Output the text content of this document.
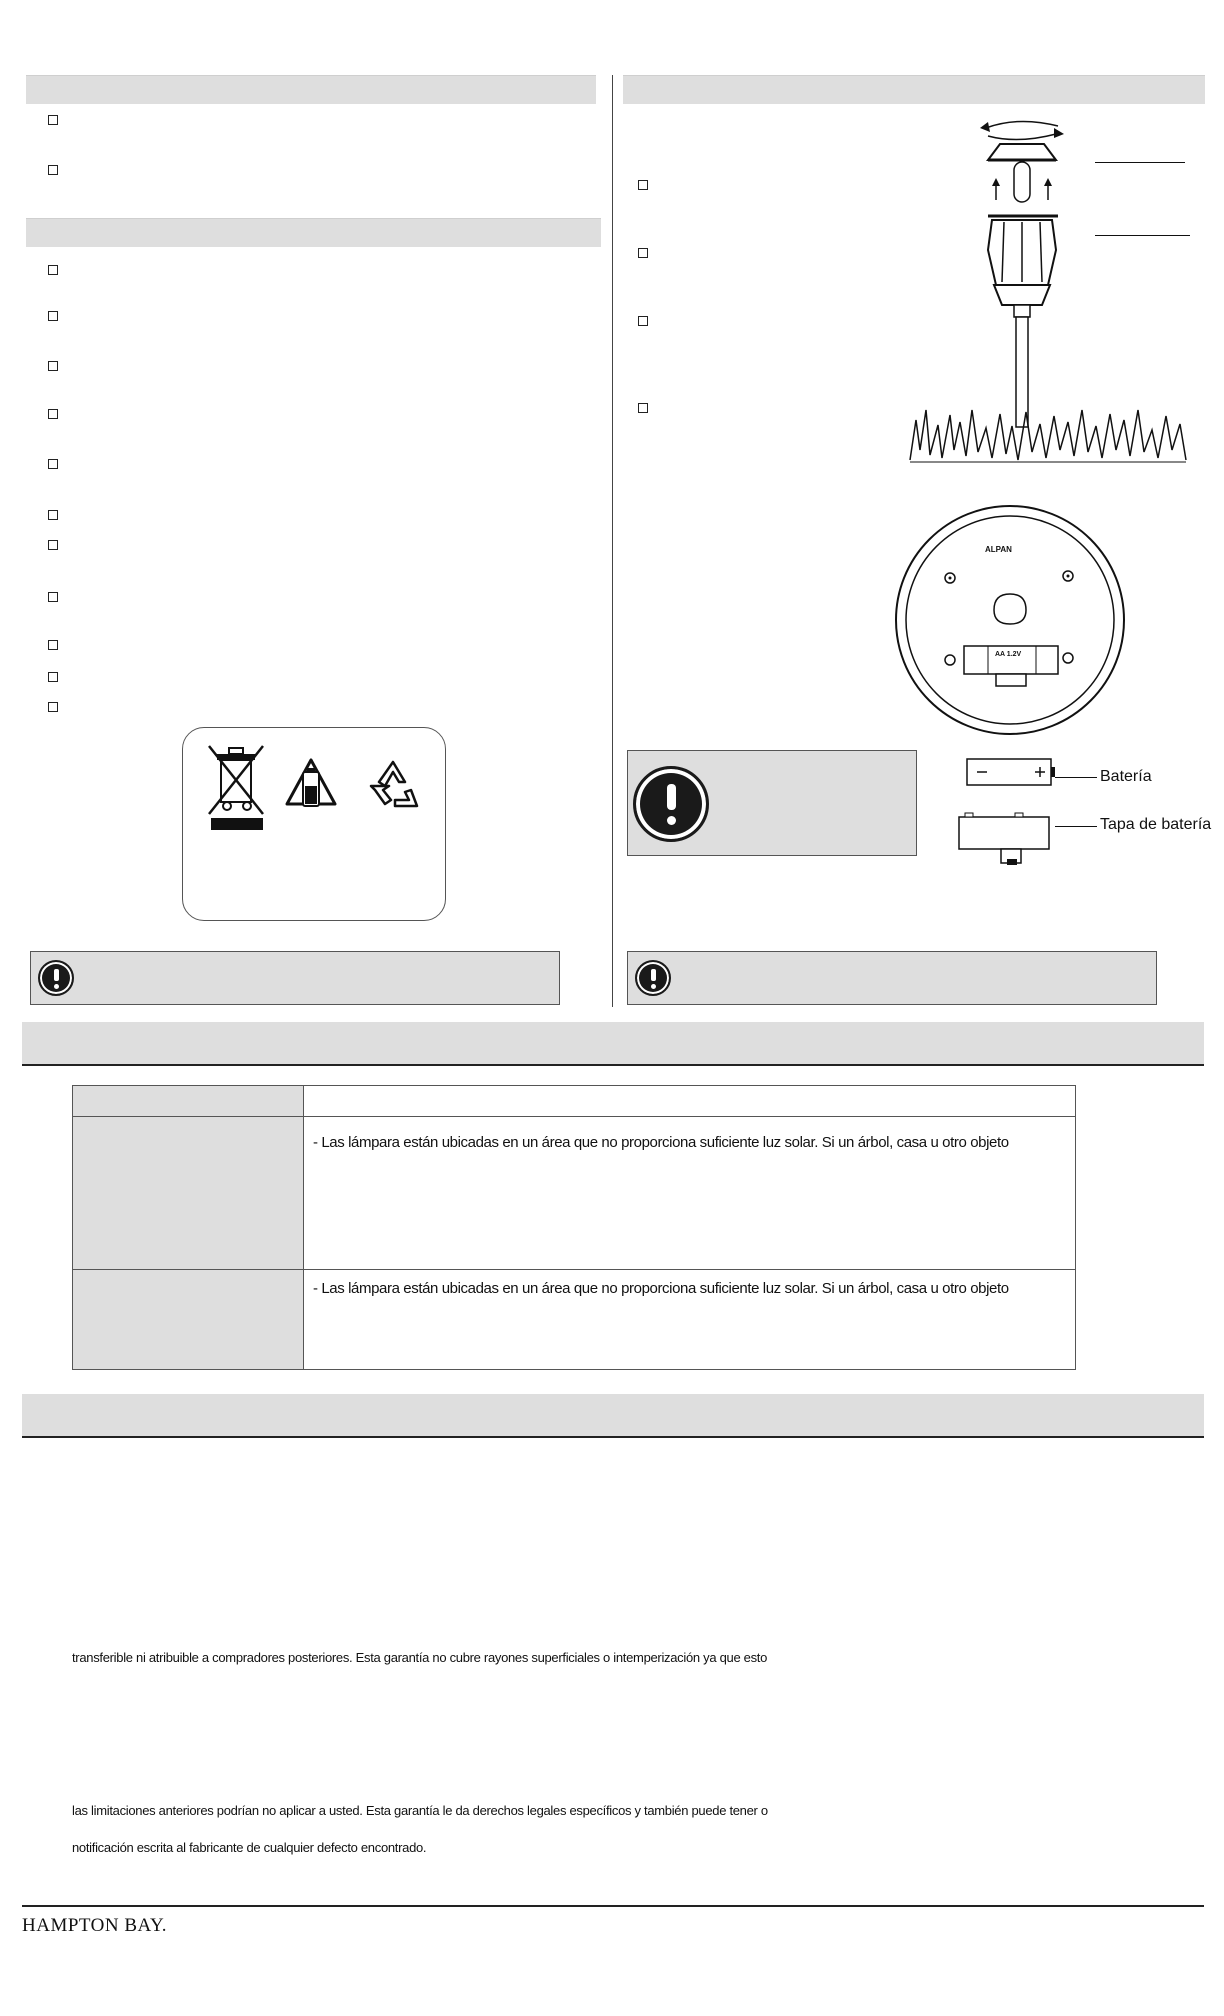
ALPAN
AA 1.2V
Batería
Tapa de batería
- Las lámpara están ubicadas en un área que no proporciona suficiente luz solar. Si un árbol, casa u otro objeto
- Las lámpara están ubicadas en un área que no proporciona suficiente luz solar. Si un árbol, casa u otro objeto
transferible ni atribuible a compradores posteriores. Esta garantía no cubre rayones superficiales o intemperización ya que esto
las limitaciones anteriores podrían no aplicar a usted. Esta garantía le da derechos legales específicos y también puede tener o
notificación escrita al fabricante de cualquier defecto encontrado.
HAMPTON BAY.
